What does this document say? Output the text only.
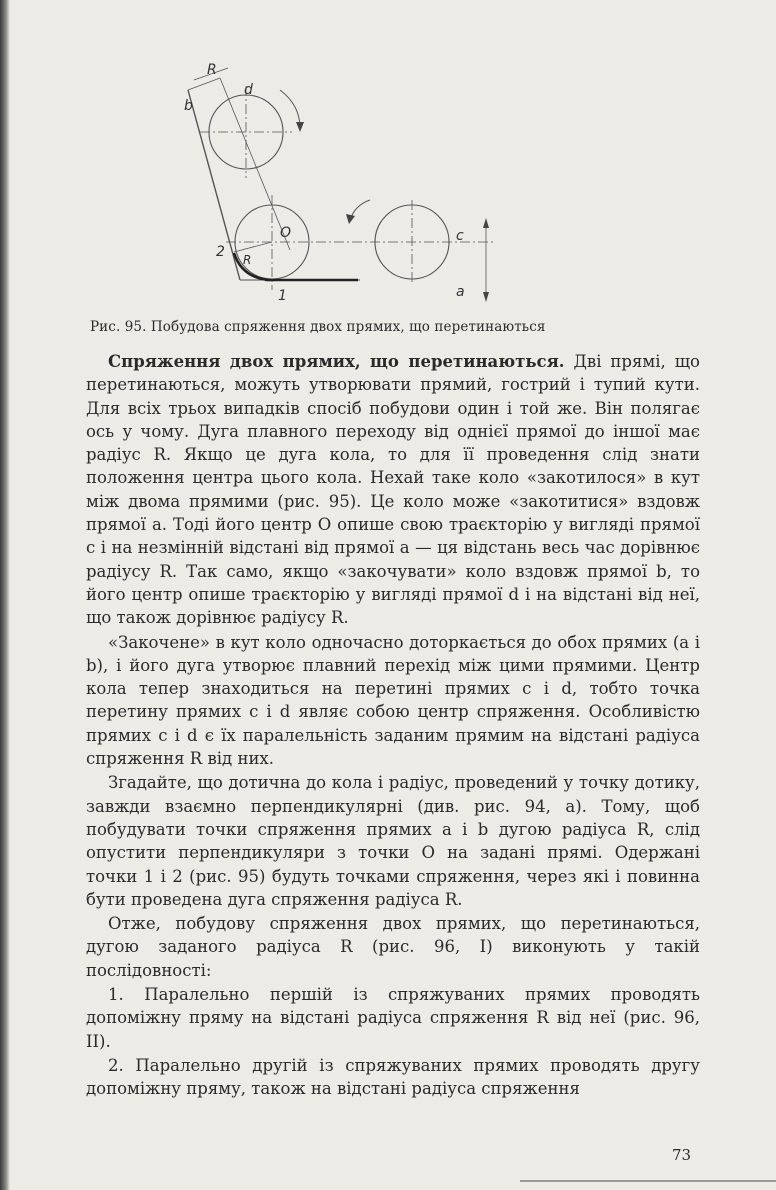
R
b
d
O
2 R
1
c
a
Рис. 95. Побудова спряження двох прямих, що перетинаються

Спряження двох прямих, що перетинаються. Дві прямі, що перетинаються, можуть утворювати прямий, гострий і тупий кути. Для всіх трьох випадків спосіб побудови один і той же. Він полягає ось у чому. Дуга плавного переходу від однієї прямої до іншої має радіус R. Якщо це дуга кола, то для її проведення слід знати положення центра цього кола. Нехай таке коло «закотилося» в кут між двома прямими (рис. 95). Це коло може «закотитися» вздовж прямої a. Тоді його центр O опише свою траєкторію у вигляді прямої c і на незмінній відстані від прямої a — ця відстань весь час дорівнює радіусу R. Так само, якщо «закочувати» коло вздовж прямої b, то його центр опише траєкторію у вигляді прямої d і на відстані від неї, що також дорівнює радіусу R.

«Закочене» в кут коло одночасно доторкається до обох прямих (a і b), і його дуга утворює плавний перехід між цими прямими. Центр кола тепер знаходиться на перетині прямих c і d, тобто точка перетину прямих c і d являє собою центр спряження. Особливістю прямих c і d є їх паралельність заданим прямим на відстані радіуса спряження R від них.

Згадайте, що дотична до кола і радіус, проведений у точку дотику, завжди взаємно перпендикулярні (див. рис. 94, a). Тому, щоб побудувати точки спряження прямих a і b дугою радіуса R, слід опустити перпендикуляри з точки O на задані прямі. Одержані точки 1 і 2 (рис. 95) будуть точками спряження, через які і повинна бути проведена дуга спряження радіуса R.

Отже, побудову спряження двох прямих, що перетинаються, дугою заданого радіуса R (рис. 96, I) виконують у такій послідовності:

1. Паралельно першій із спряжуваних прямих проводять допоміжну пряму на відстані радіуса спряження R від неї (рис. 96, II).

2. Паралельно другій із спряжуваних прямих проводять другу допоміжну пряму, також на відстані радіуса спряження

73
